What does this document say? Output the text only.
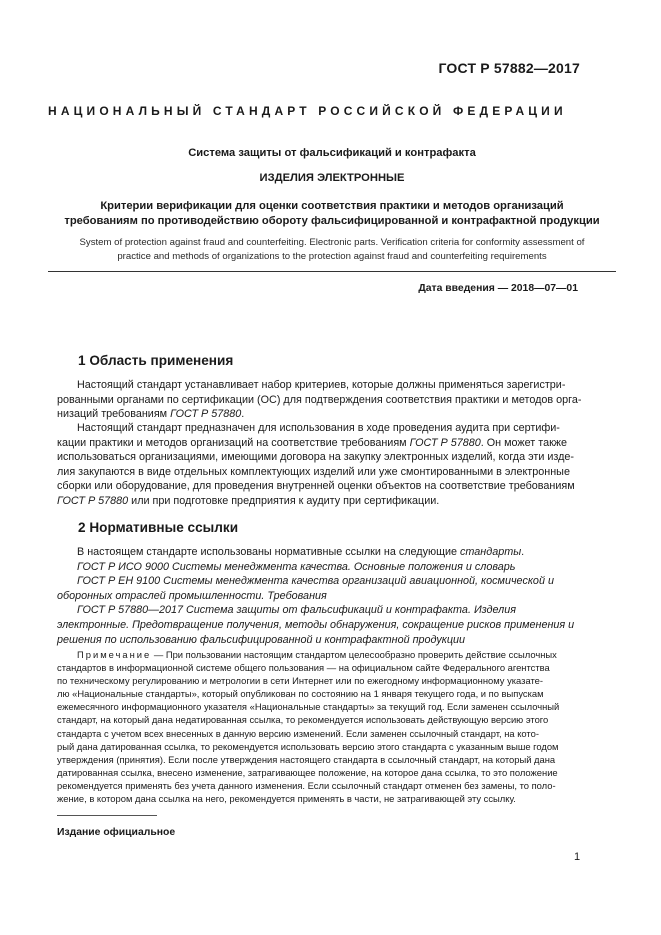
ГОСТ Р 57882—2017
НАЦИОНАЛЬНЫЙ СТАНДАРТ РОССИЙСКОЙ ФЕДЕРАЦИИ
Система защиты от фальсификаций и контрафакта
ИЗДЕЛИЯ ЭЛЕКТРОННЫЕ
Критерии верификации для оценки соответствия практики и методов организаций
требованиям по противодействию обороту фальсифицированной и контрафактной продукции
System of protection against fraud and counterfeiting. Electronic parts. Verification criteria for conformity assessment of
practice and methods of organizations to the protection against fraud and counterfeiting requirements
Дата введения — 2018—07—01
1 Область применения
Настоящий стандарт устанавливает набор критериев, которые должны применяться зарегистри-
рованными органами по сертификации (ОС) для подтверждения соответствия практики и методов орга-
низаций требованиям ГОСТ Р 57880.
Настоящий стандарт предназначен для использования в ходе проведения аудита при сертифи-
кации практики и методов организаций на соответствие требованиям ГОСТ Р 57880. Он может также
использоваться организациями, имеющими договора на закупку электронных изделий, когда эти изде-
лия закупаются в виде отдельных комплектующих изделий или уже смонтированными в электронные
сборки или оборудование, для проведения внутренней оценки объектов на соответствие требованиям
ГОСТ Р 57880 или при подготовке предприятия к аудиту при сертификации.
2 Нормативные ссылки
В настоящем стандарте использованы нормативные ссылки на следующие стандарты.
ГОСТ Р ИСО 9000 Системы менеджмента качества. Основные положения и словарь
ГОСТ Р ЕН 9100 Системы менеджмента качества организаций авиационной, космической и
оборонных отраслей промышленности. Требования
ГОСТ Р 57880—2017 Система защиты от фальсификаций и контрафакта. Изделия
электронные. Предотвращение получения, методы обнаружения, сокращение рисков применения и
решения по использованию фальсифицированной и контрафактной продукции
Примечание — При пользовании настоящим стандартом целесообразно проверить действие ссылочных
стандартов в информационной системе общего пользования — на официальном сайте Федерального агентства
по техническому регулированию и метрологии в сети Интернет или по ежегодному информационному указате-
лю «Национальные стандарты», который опубликован по состоянию на 1 января текущего года, и по выпускам
ежемесячного информационного указателя «Национальные стандарты» за текущий год. Если заменен ссылочный
стандарт, на который дана недатированная ссылка, то рекомендуется использовать действующую версию этого
стандарта с учетом всех внесенных в данную версию изменений. Если заменен ссылочный стандарт, на кото-
рый дана датированная ссылка, то рекомендуется использовать версию этого стандарта с указанным выше годом
утверждения (принятия). Если после утверждения настоящего стандарта в ссылочный стандарт, на который дана
датированная ссылка, внесено изменение, затрагивающее положение, на которое дана ссылка, то это положение
рекомендуется применять без учета данного изменения. Если ссылочный стандарт отменен без замены, то поло-
жение, в котором дана ссылка на него, рекомендуется применять в части, не затрагивающей эту ссылку.
Издание официальное
1
